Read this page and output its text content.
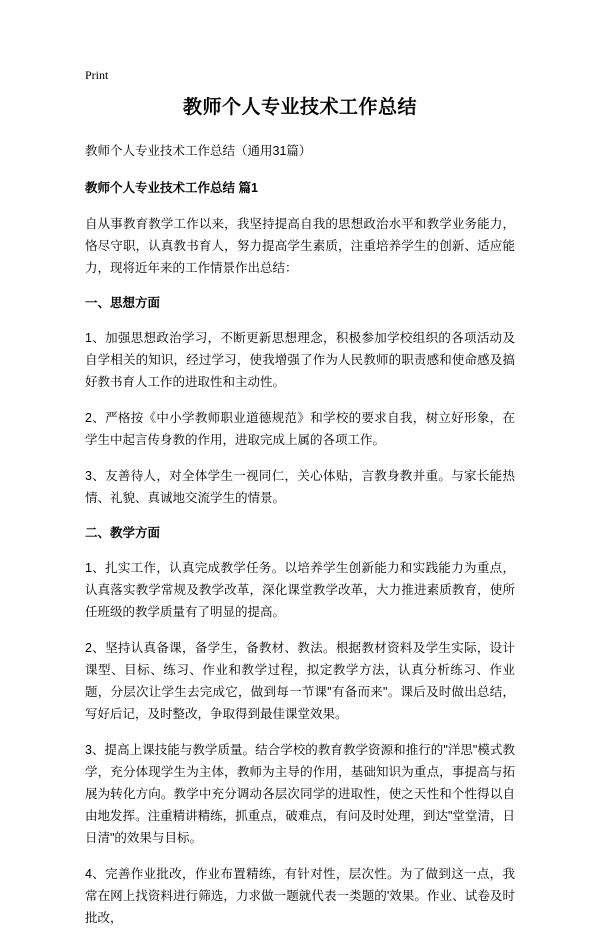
Print
教师个人专业技术工作总结

教师个人专业技术工作总结（通用31篇）

教师个人专业技术工作总结 篇1

自从事教育教学工作以来，我坚持提高自我的思想政治水平和教学业务能力，恪尽守职，认真教书育人，努力提高学生素质，注重培养学生的创新、适应能力，现将近年来的工作情景作出总结：

一、思想方面

1、加强思想政治学习，不断更新思想理念，积极参加学校组织的各项活动及自学相关的知识，经过学习，使我增强了作为人民教师的职责感和使命感及搞好教书育人工作的进取性和主动性。

2、严格按《中小学教师职业道德规范》和学校的要求自我，树立好形象，在学生中起言传身教的作用，进取完成上属的各项工作。

3、友善待人，对全体学生一视同仁，关心体贴，言教身教并重。与家长能热情、礼貌、真诚地交流学生的情景。

二、教学方面

1、扎实工作，认真完成教学任务。以培养学生创新能力和实践能力为重点，认真落实教学常规及教学改革，深化课堂教学改革，大力推进素质教育，使所任班级的教学质量有了明显的提高。

2、坚持认真备课，备学生，备教材、教法。根据教材资料及学生实际，设计课型、目标、练习、作业和教学过程，拟定教学方法，认真分析练习、作业题，分层次让学生去完成它，做到每一节课"有备而来"。课后及时做出总结，写好后记，及时整改，争取得到最佳课堂效果。

3、提高上课技能与教学质量。结合学校的教育教学资源和推行的"洋思"模式教学，充分体现学生为主体，教师为主导的作用，基础知识为重点，事提高与拓展为转化方向。教学中充分调动各层次同学的进取性，使之天性和个性得以自由地发挥。注重精讲精练，抓重点，破难点，有问及时处理，到达"堂堂清，日日清"的效果与目标。

4、完善作业批改，作业布置精练，有针对性，层次性。为了做到这一点，我常在网上找资料进行筛选，力求做一题就代表一类题的'效果。作业、试卷及时批改，
